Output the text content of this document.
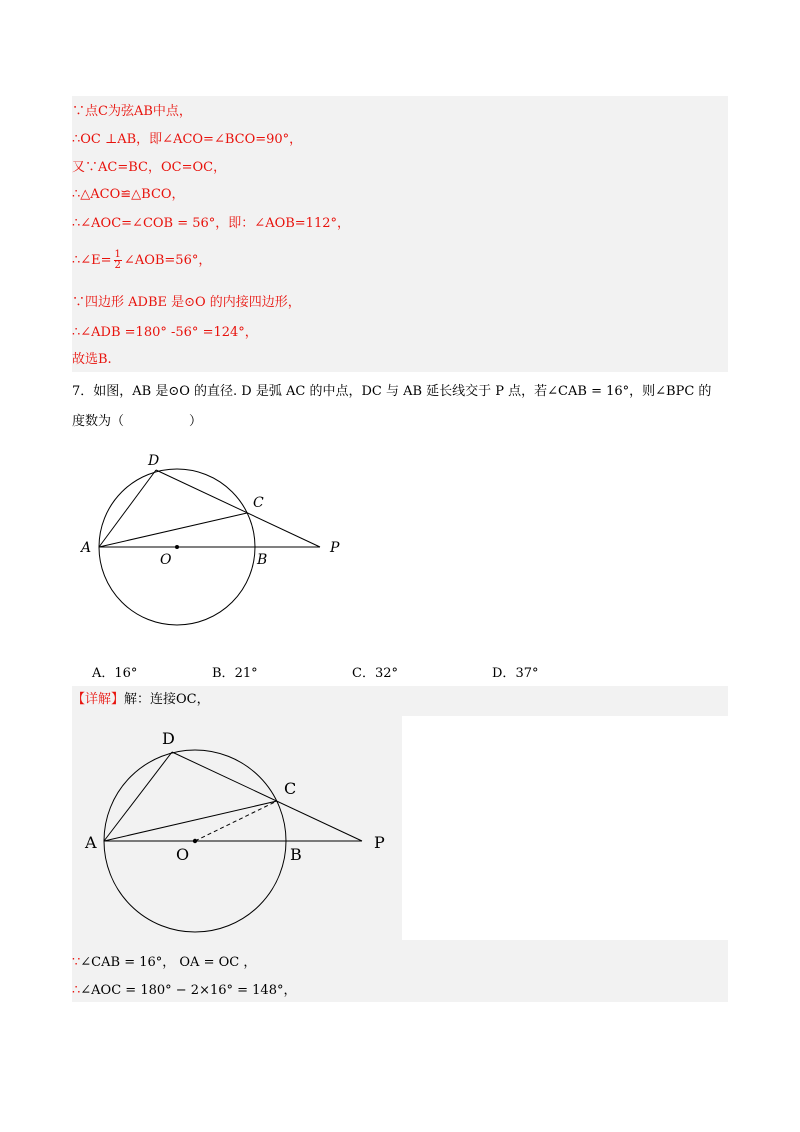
∵点C为弦AB中点，
∴OC ⊥AB，即∠ACO=∠BCO=90°，
又∵AC=BC，OC=OC，
∴△ACO≌△BCO，
∴∠AOC=∠COB = 56°，即：∠AOB=112°，
∴∠E= $\frac{1}{2}$ ∠AOB=56°，
∵四边形 ADBE 是⊙O 的内接四边形，
∴∠ADB =180° -56° =124°，
故选B.
7．如图，AB 是⊙O 的直径. D 是弧 AC 的中点，DC 与 AB 延长线交于 P 点，若∠CAB = 16°，则∠BPC 的
度数为（　　　　　）
D
C
A
O	B
P
A．16°	B．21°	C．32°	D．37°
【详解】解：连接OC，
D
C
A
O	B
P
∵∠CAB = 16°， OA = OC ，
∴∠AOC = 180° − 2×16° = 148°，
